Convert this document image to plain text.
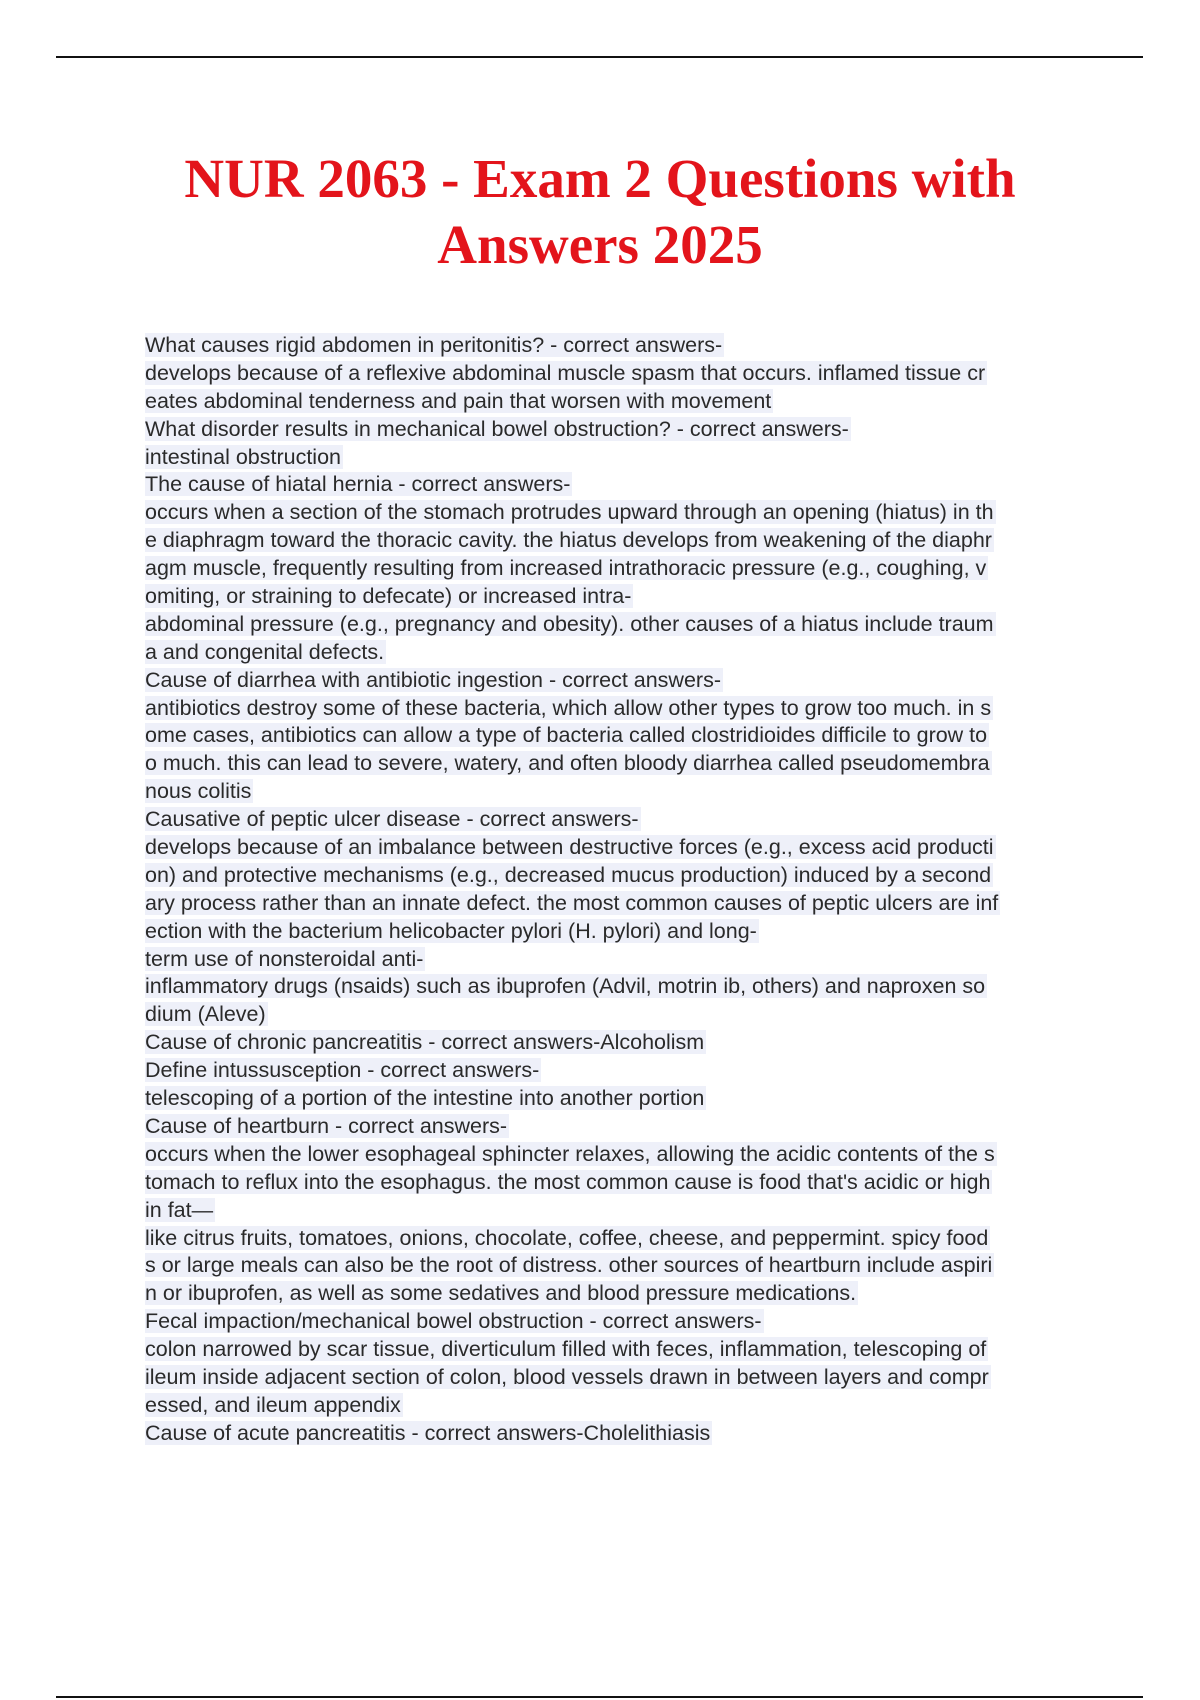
NUR 2063 - Exam 2 Questions with Answers 2025
What causes rigid abdomen in peritonitis? - correct answers-
develops because of a reflexive abdominal muscle spasm that occurs. inflamed tissue cr
eates abdominal tenderness and pain that worsen with movement
What disorder results in mechanical bowel obstruction? - correct answers-
intestinal obstruction
The cause of hiatal hernia - correct answers-
occurs when a section of the stomach protrudes upward through an opening (hiatus) in th
e diaphragm toward the thoracic cavity. the hiatus develops from weakening of the diaphr
agm muscle, frequently resulting from increased intrathoracic pressure (e.g., coughing, v
omiting, or straining to defecate) or increased intra-
abdominal pressure (e.g., pregnancy and obesity). other causes of a hiatus include traum
a and congenital defects.
Cause of diarrhea with antibiotic ingestion - correct answers-
antibiotics destroy some of these bacteria, which allow other types to grow too much. in s
ome cases, antibiotics can allow a type of bacteria called clostridioides difficile to grow to
o much. this can lead to severe, watery, and often bloody diarrhea called pseudomembra
nous colitis
Causative of peptic ulcer disease - correct answers-
develops because of an imbalance between destructive forces (e.g., excess acid producti
on) and protective mechanisms (e.g., decreased mucus production) induced by a second
ary process rather than an innate defect. the most common causes of peptic ulcers are inf
ection with the bacterium helicobacter pylori (H. pylori) and long-
term use of nonsteroidal anti-
inflammatory drugs (nsaids) such as ibuprofen (Advil, motrin ib, others) and naproxen so
dium (Aleve)
Cause of chronic pancreatitis - correct answers-Alcoholism
Define intussusception - correct answers-
telescoping of a portion of the intestine into another portion
Cause of heartburn - correct answers-
occurs when the lower esophageal sphincter relaxes, allowing the acidic contents of the s
tomach to reflux into the esophagus. the most common cause is food that's acidic or high
in fat—
like citrus fruits, tomatoes, onions, chocolate, coffee, cheese, and peppermint. spicy food
s or large meals can also be the root of distress. other sources of heartburn include aspiri
n or ibuprofen, as well as some sedatives and blood pressure medications.
Fecal impaction/mechanical bowel obstruction - correct answers-
colon narrowed by scar tissue, diverticulum filled with feces, inflammation, telescoping of
ileum inside adjacent section of colon, blood vessels drawn in between layers and compr
essed, and ileum appendix
Cause of acute pancreatitis - correct answers-Cholelithiasis
